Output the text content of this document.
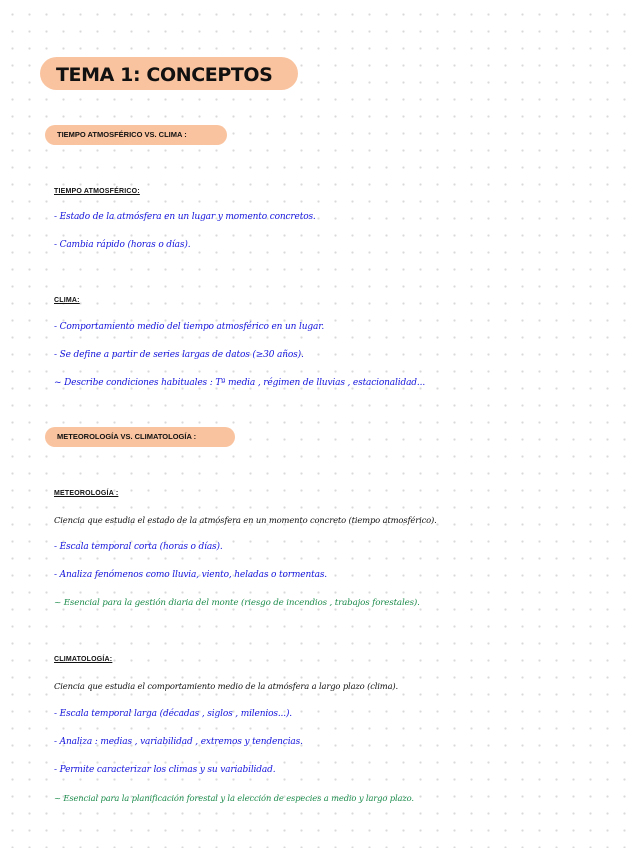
TEMA 1: CONCEPTOS
TIEMPO ATMOSFÉRICO VS. CLIMA :
TIEMPO ATMOSFÉRICO:
- Estado de la atmósfera en un lugar y momento concretos.
- Cambia rápido (horas o días).
CLIMA:
- Comportamiento medio del tiempo atmosférico en un lugar.
- Se define a partir de series largas de datos (≥30 años).
~ Describe condiciones habituales : Tª media , régimen de lluvias , estacionalidad...
METEOROLOGÍA VS. CLIMATOLOGÍA :
METEOROLOGÍA :
Ciencia que estudia el estado de la atmósfera en un momento concreto (tiempo atmosférico).
- Escala temporal corta (horas o días).
- Analiza fenómenos como lluvia, viento, heladas o tormentas.
~ Esencial para la gestión diaria del monte (riesgo de incendios , trabajos forestales).
CLIMATOLOGÍA:
Ciencia que estudia el comportamiento medio de la atmósfera a largo plazo (clima).
- Escala temporal larga (décadas , siglos , milenios...).
- Analiza : medias , variabilidad , extremos y tendencias.
- Permite caracterizar los climas y su variabilidad.
~ Esencial para la planificación forestal y la elección de especies a medio y largo plazo.
